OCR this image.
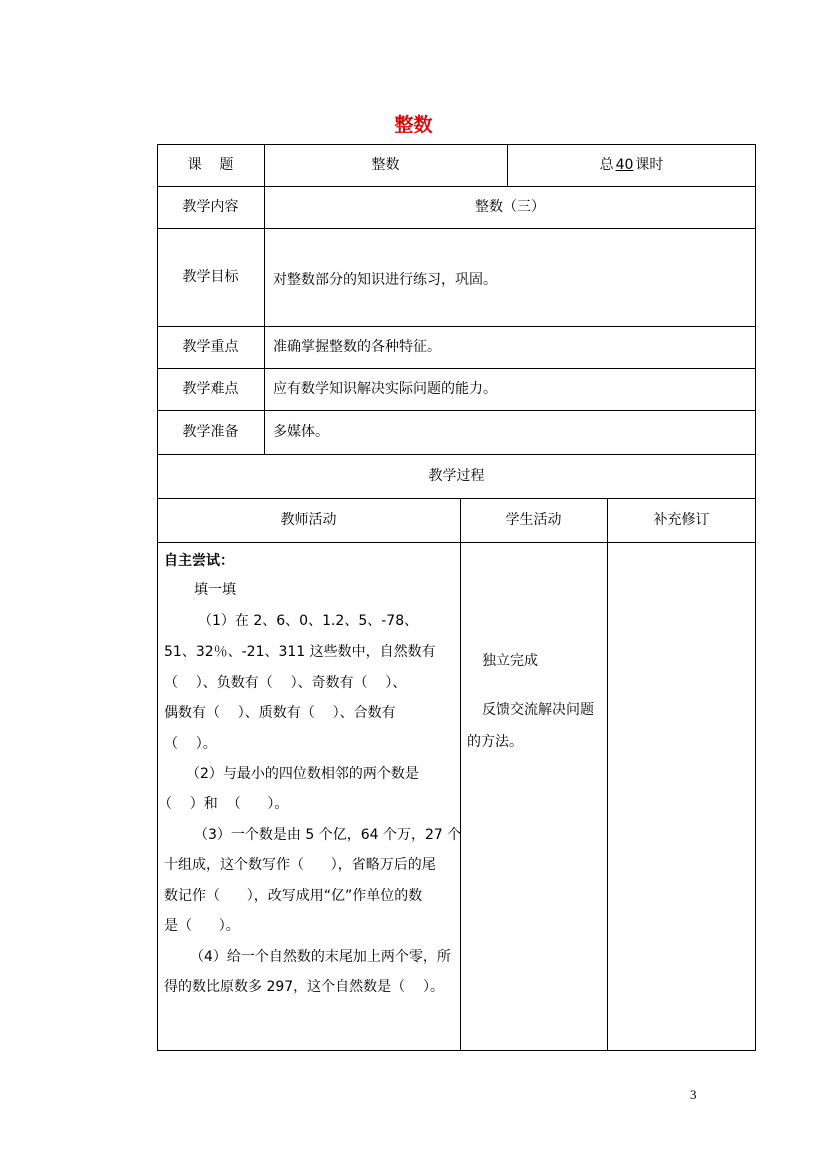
整数
课    题	整数	总 40 课时
教学内容	整数（三）
教学目标	对整数部分的知识进行练习，巩固。
教学重点	准确掌握整数的各种特征。
教学难点	应有数学知识解决实际问题的能力。
教学准备	多媒体。
教学过程
教师活动	学生活动	补充修订
自主尝试：
填一填
（1）在 2、6、0、1.2、5、-78、
51、32％、-21、311 这些数中，自然数有
（    ）、负数有（    ）、奇数有（    ）、
偶数有（    ）、质数有（    ）、合数有
（    ）。
（2）与最小的四位数相邻的两个数是
（    ）和  （      ）。
（3）一个数是由 5 个亿，64 个万，27 个
十组成，这个数写作（      ），省略万后的尾
数记作（      ），改写成用“亿”作单位的数
是（      ）。
（4）给一个自然数的末尾加上两个零，所
得的数比原数多 297，这个自然数是（    ）。
独立完成
反馈交流解决问题
的方法。
3
